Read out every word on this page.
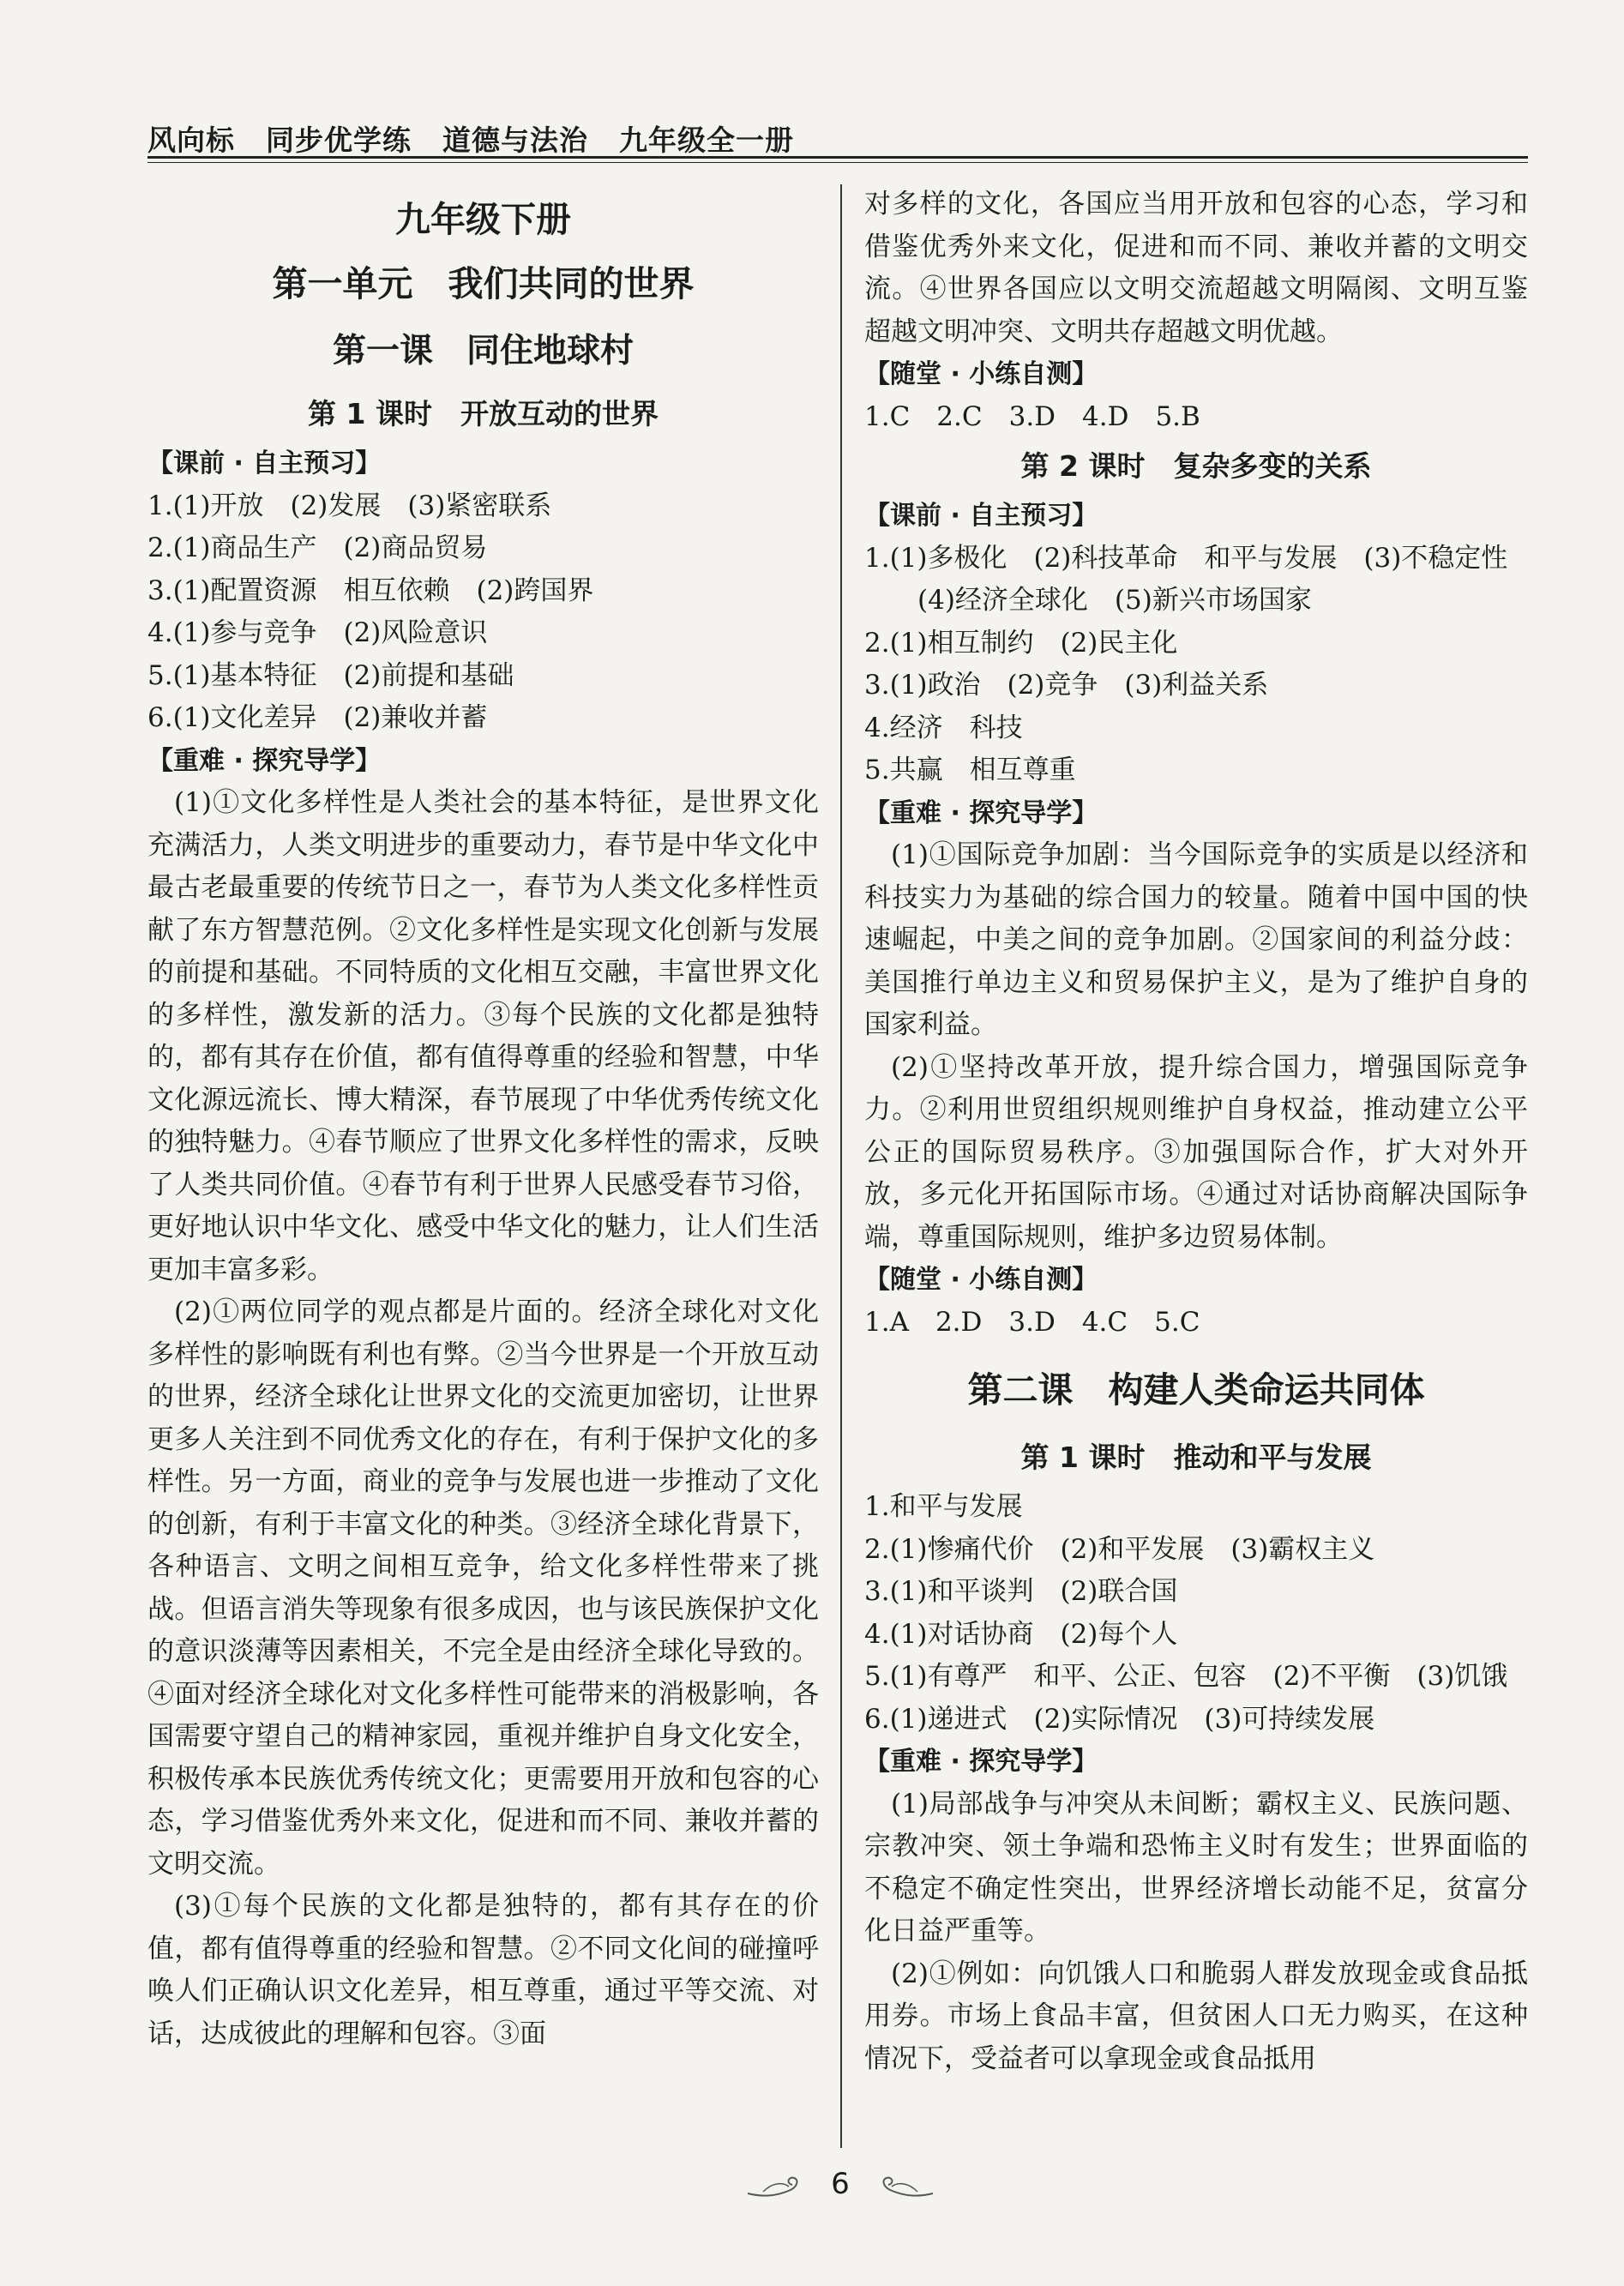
风向标 同步优学练 道德与法治 九年级全一册
九年级下册
第一单元　我们共同的世界
第一课　同住地球村
第 1 课时　开放互动的世界

【课前 · 自主预习】

1.(1)开放　(2)发展　(3)紧密联系

2.(1)商品生产　(2)商品贸易

3.(1)配置资源　相互依赖　(2)跨国界

4.(1)参与竞争　(2)风险意识

5.(1)基本特征　(2)前提和基础

6.(1)文化差异　(2)兼收并蓄

【重难 · 探究导学】

(1)①文化多样性是人类社会的基本特征，是世界文化充满活力，人类文明进步的重要动力，春节是中华文化中最古老最重要的传统节日之一，春节为人类文化多样性贡献了东方智慧范例。②文化多样性是实现文化创新与发展的前提和基础。不同特质的文化相互交融，丰富世界文化的多样性，激发新的活力。③每个民族的文化都是独特的，都有其存在价值，都有值得尊重的经验和智慧，中华文化源远流长、博大精深，春节展现了中华优秀传统文化的独特魅力。④春节顺应了世界文化多样性的需求，反映了人类共同价值。④春节有利于世界人民感受春节习俗，更好地认识中华文化、感受中华文化的魅力，让人们生活更加丰富多彩。

(2)①两位同学的观点都是片面的。经济全球化对文化多样性的影响既有利也有弊。②当今世界是一个开放互动的世界，经济全球化让世界文化的交流更加密切，让世界更多人关注到不同优秀文化的存在，有利于保护文化的多样性。另一方面，商业的竞争与发展也进一步推动了文化的创新，有利于丰富文化的种类。③经济全球化背景下，各种语言、文明之间相互竞争，给文化多样性带来了挑战。但语言消失等现象有很多成因，也与该民族保护文化的意识淡薄等因素相关，不完全是由经济全球化导致的。④面对经济全球化对文化多样性可能带来的消极影响，各国需要守望自己的精神家园，重视并维护自身文化安全，积极传承本民族优秀传统文化；更需要用开放和包容的心态，学习借鉴优秀外来文化，促进和而不同、兼收并蓄的文明交流。

(3)①每个民族的文化都是独特的，都有其存在的价值，都有值得尊重的经验和智慧。②不同文化间的碰撞呼唤人们正确认识文化差异，相互尊重，通过平等交流、对话，达成彼此的理解和包容。③面

对多样的文化，各国应当用开放和包容的心态，学习和借鉴优秀外来文化，促进和而不同、兼收并蓄的文明交流。④世界各国应以文明交流超越文明隔阂、文明互鉴超越文明冲突、文明共存超越文明优越。

【随堂 · 小练自测】

1.C　2.C　3.D　4.D　5.B

第 2 课时　复杂多变的关系

【课前 · 自主预习】

1.(1)多极化　(2)科技革命　和平与发展　(3)不稳定性　(4)经济全球化　(5)新兴市场国家

2.(1)相互制约　(2)民主化

3.(1)政治　(2)竞争　(3)利益关系

4.经济　科技

5.共赢　相互尊重

【重难 · 探究导学】

(1)①国际竞争加剧：当今国际竞争的实质是以经济和科技实力为基础的综合国力的较量。随着中国中国的快速崛起，中美之间的竞争加剧。②国家间的利益分歧：美国推行单边主义和贸易保护主义，是为了维护自身的国家利益。

(2)①坚持改革开放，提升综合国力，增强国际竞争力。②利用世贸组织规则维护自身权益，推动建立公平公正的国际贸易秩序。③加强国际合作，扩大对外开放，多元化开拓国际市场。④通过对话协商解决国际争端，尊重国际规则，维护多边贸易体制。

【随堂 · 小练自测】

1.A　2.D　3.D　4.C　5.C

第二课　构建人类命运共同体
第 1 课时　推动和平与发展

1.和平与发展

2.(1)惨痛代价　(2)和平发展　(3)霸权主义

3.(1)和平谈判　(2)联合国

4.(1)对话协商　(2)每个人

5.(1)有尊严　和平、公正、包容　(2)不平衡　(3)饥饿

6.(1)递进式　(2)实际情况　(3)可持续发展

【重难 · 探究导学】

(1)局部战争与冲突从未间断；霸权主义、民族问题、宗教冲突、领土争端和恐怖主义时有发生；世界面临的不稳定不确定性突出，世界经济增长动能不足，贫富分化日益严重等。

(2)①例如：向饥饿人口和脆弱人群发放现金或食品抵用券。市场上食品丰富，但贫困人口无力购买，在这种情况下，受益者可以拿现金或食品抵用

6
